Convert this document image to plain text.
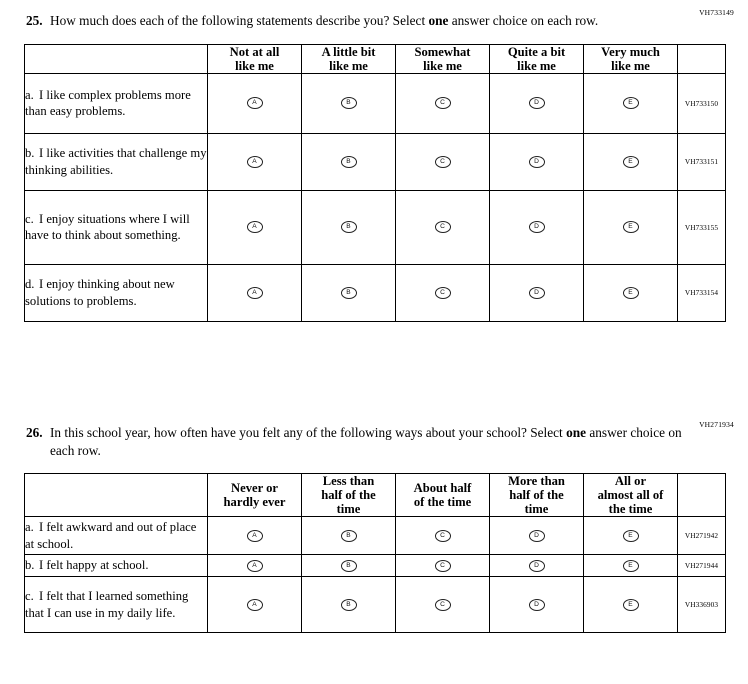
VH733149
25. How much does each of the following statements describe you? Select one answer choice on each row.
	Not at all
like me	A little bit
like me	Somewhat
like me	Quite a bit
like me	Very much
like me	
a. I like complex problems more than easy problems.	A	B	C	D	E	VH733150
b. I like activities that challenge my thinking abilities.	A	B	C	D	E	VH733151
c. I enjoy situations where I will have to think about something.	A	B	C	D	E	VH733155
d. I enjoy thinking about new solutions to problems.	A	B	C	D	E	VH733154
VH271934
26. In this school year, how often have you felt any of the following ways about your school? Select one answer choice on each row.
	Never or
hardly ever	Less than
half of the
time	About half
of the time	More than
half of the
time	All or
almost all of
the time	
a. I felt awkward and out of place at school.	A	B	C	D	E	VH271942
b. I felt happy at school.	A	B	C	D	E	VH271944
c. I felt that I learned something that I can use in my daily life.	A	B	C	D	E	VH336903
